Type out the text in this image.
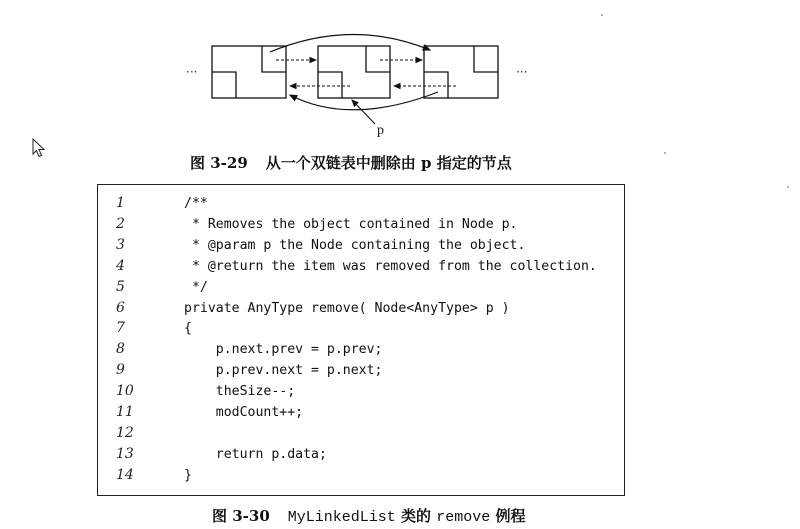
p
···	···
图 3-29 从一个双链表中删除由 p 指定的节点
1	/**
2	* Removes the object contained in Node p.
3	* @param p the Node containing the object.
4	* @return the item was removed from the collection.
5	*/
6	private AnyType remove( Node<AnyType> p )
7	{
8	p.next.prev = p.prev;
9	p.prev.next = p.next;
10	theSize--;
11	modCount++;
12
13	return p.data;
14	}
图 3-30 MyLinkedList 类的 remove 例程
